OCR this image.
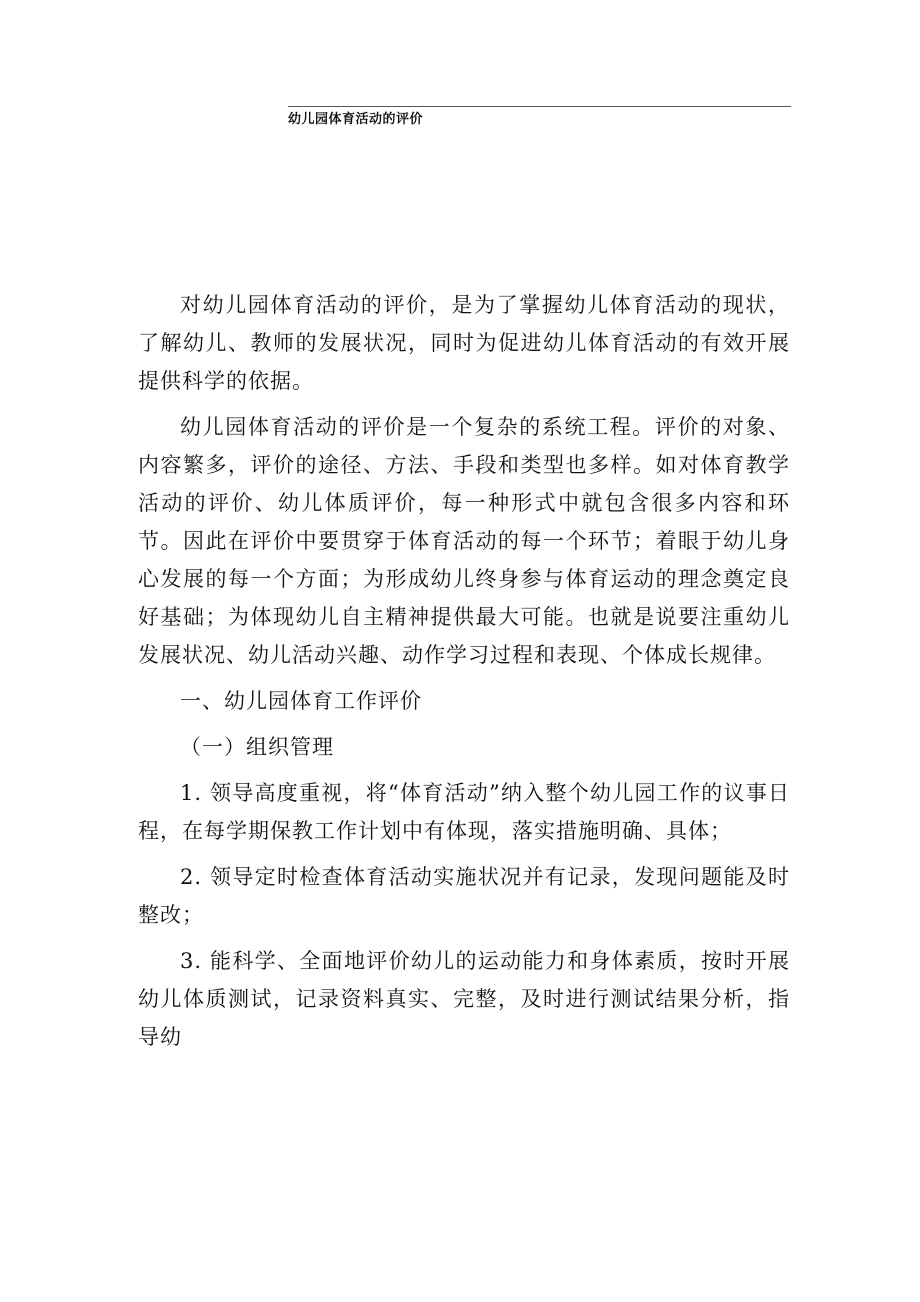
幼儿园体育活动的评价

对幼儿园体育活动的评价，是为了掌握幼儿体育活动的现状，了解幼儿、教师的发展状况，同时为促进幼儿体育活动的有效开展提供科学的依据。

幼儿园体育活动的评价是一个复杂的系统工程。评价的对象、内容繁多，评价的途径、方法、手段和类型也多样。如对体育教学活动的评价、幼儿体质评价，每一种形式中就包含很多内容和环节。因此在评价中要贯穿于体育活动的每一个环节；着眼于幼儿身心发展的每一个方面；为形成幼儿终身参与体育运动的理念奠定良好基础；为体现幼儿自主精神提供最大可能。也就是说要注重幼儿发展状况、幼儿活动兴趣、动作学习过程和表现、个体成长规律。

一、幼儿园体育工作评价

（一）组织管理

1. 领导高度重视，将“体育活动”纳入整个幼儿园工作的议事日程，在每学期保教工作计划中有体现，落实措施明确、具体；

2. 领导定时检查体育活动实施状况并有记录，发现问题能及时整改；

3. 能科学、全面地评价幼儿的运动能力和身体素质，按时开展幼儿体质测试，记录资料真实、完整，及时进行测试结果分析，指导幼
